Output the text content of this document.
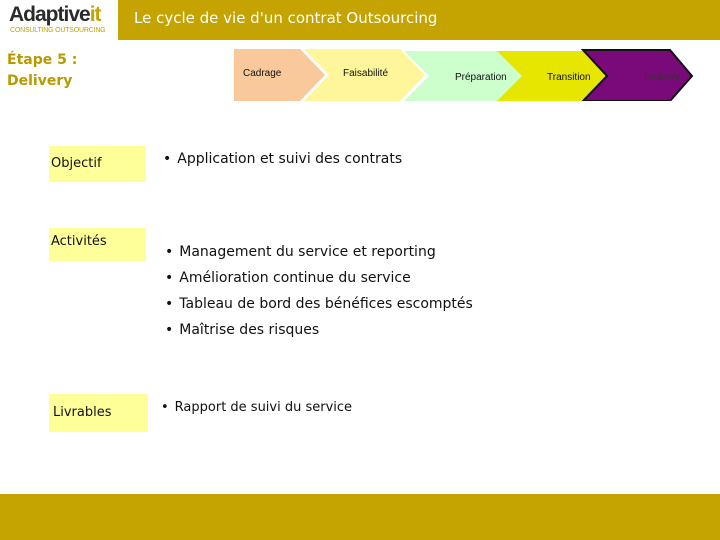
Adaptiveit
CONSULTING OUTSOURCING
Le cycle de vie d'un contrat Outsourcing
Étape 5 :
Delivery	Cadrage	Faisabilité	Préparation	Transition	Delivery
Objectif	• Application et suivi des contrats
Activités
• Management du service et reporting
• Amélioration continue du service
• Tableau de bord des bénéfices escomptés
• Maîtrise des risques
Livrables	• Rapport de suivi du service
